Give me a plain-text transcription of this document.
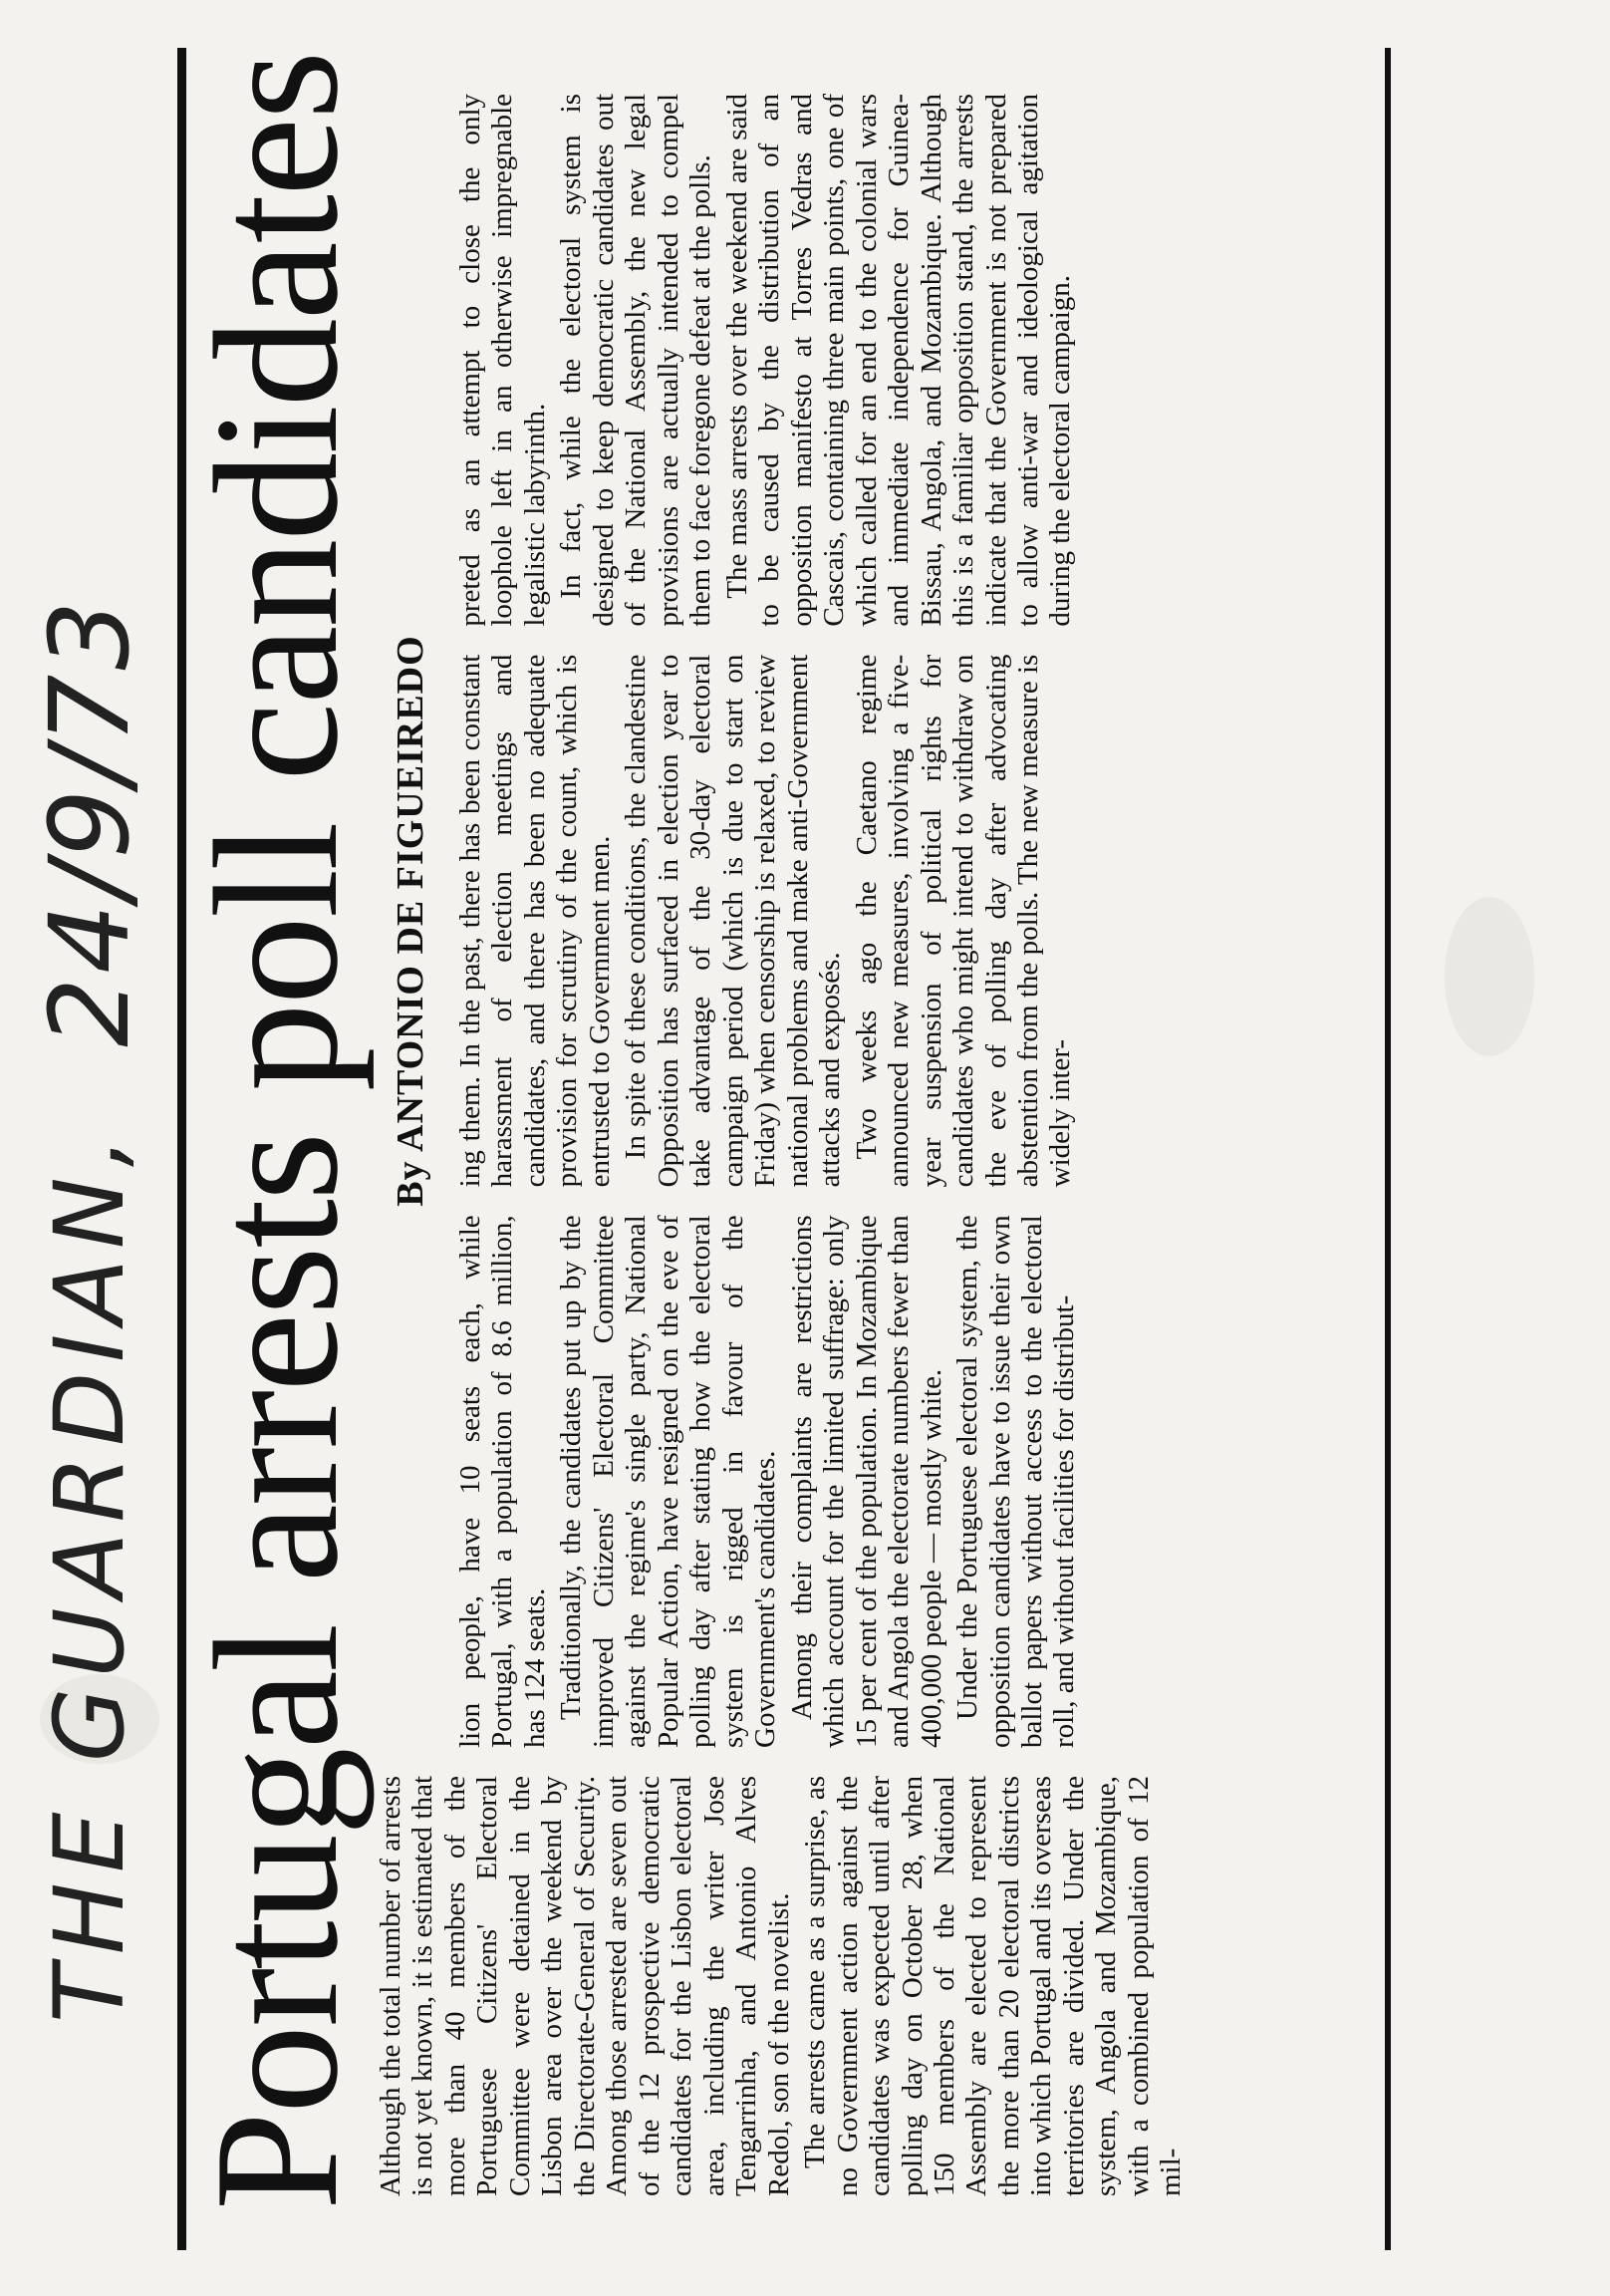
THE GUARDIAN,
24/9/73 Portugal arrests poll candidates Although the total number of arrests is not yet known, it is estimated that more than 40 members of the Portuguese Citizens' Electoral Committee were detained in the Lisbon area over the weekend by the Directorate-General of Security. Among those arrested are seven out of the 12 prospective democratic candidates for the Lisbon electoral area, including the writer Jose Tengarrinha, and Antonio Alves Redol, son of the novelist. The arrests came as a surprise, as no Government action against the candidates was expected until after polling day on October 28, when 150 members of the National Assembly are elected to represent the more than 20 electoral districts into which Portugal and its overseas territories are divided. Under the system, Angola and Mozambique, with a combined population of 12 mil-

By ANTONIO DE FIGUEIREDO

lion people, have 10 seats each, while Portugal, with a population of 8.6 million, has 124 seats. Traditionally, the candidates put up by the improved Citizens' Electoral Committee against the regime's single party, National Popular Action, have resigned on the eve of polling day after stating how the electoral system is rigged in favour of the Government's candidates. Among their complaints are restrictions which account for the limited suffrage: only 15 per cent of the population. In Mozambique and Angola the electorate numbers fewer than 400,000 people — mostly white. Under the Portuguese electoral system, the opposition candidates have to issue their own ballot papers without access to the electoral roll, and without facilities for distribut-

ing them. In the past, there has been constant harassment of election meetings and candidates, and there has been no adequate provision for scrutiny of the count, which is entrusted to Government men. In spite of these conditions, the clandestine Opposition has surfaced in election year to take advantage of the 30-day electoral campaign period (which is due to start on Friday) when censorship is relaxed, to review national problems and make anti-Government attacks and exposés. Two weeks ago the Caetano regime announced new measures, involving a five-year suspension of political rights for candidates who might intend to withdraw on the eve of polling day after advocating abstention from the polls. The new measure is widely inter-

preted as an attempt to close the only loophole left in an otherwise impregnable legalistic labyrinth. In fact, while the electoral system is designed to keep democratic candidates out of the National Assembly, the new legal provisions are actually intended to compel them to face foregone defeat at the polls. The mass arrests over the weekend are said to be caused by the distribution of an opposition manifesto at Torres Vedras and Cascais, containing three main points, one of which called for an end to the colonial wars and immediate independence for Guinea-Bissau, Angola, and Mozambique. Although this is a familiar opposition stand, the arrests indicate that the Government is not prepared to allow anti-war and ideological agitation during the electoral campaign.
